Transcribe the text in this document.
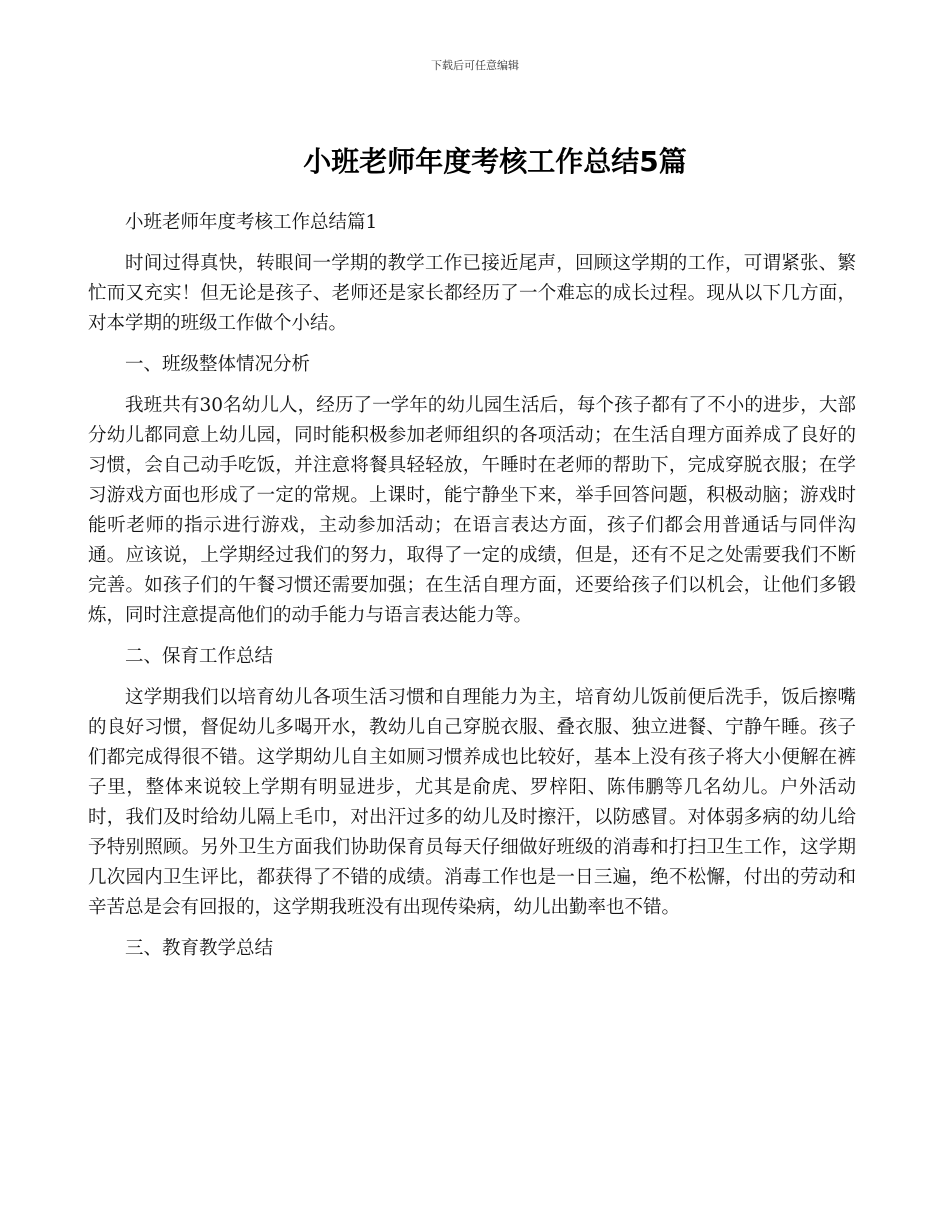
下载后可任意编辑
小班老师年度考核工作总结5篇

小班老师年度考核工作总结篇1

时间过得真快，转眼间一学期的教学工作已接近尾声，回顾这学期的工作，可谓紧张、繁忙而又充实！但无论是孩子、老师还是家长都经历了一个难忘的成长过程。现从以下几方面，对本学期的班级工作做个小结。

一、班级整体情况分析

我班共有30名幼儿人，经历了一学年的幼儿园生活后，每个孩子都有了不小的进步，大部分幼儿都同意上幼儿园，同时能积极参加老师组织的各项活动；在生活自理方面养成了良好的习惯，会自己动手吃饭，并注意将餐具轻轻放，午睡时在老师的帮助下，完成穿脱衣服；在学习游戏方面也形成了一定的常规。上课时，能宁静坐下来，举手回答问题，积极动脑；游戏时能听老师的指示进行游戏，主动参加活动；在语言表达方面，孩子们都会用普通话与同伴沟通。应该说，上学期经过我们的努力，取得了一定的成绩，但是，还有不足之处需要我们不断完善。如孩子们的午餐习惯还需要加强；在生活自理方面，还要给孩子们以机会，让他们多锻炼，同时注意提高他们的动手能力与语言表达能力等。

二、保育工作总结

这学期我们以培育幼儿各项生活习惯和自理能力为主，培育幼儿饭前便后洗手，饭后擦嘴的良好习惯，督促幼儿多喝开水，教幼儿自己穿脱衣服、叠衣服、独立进餐、宁静午睡。孩子们都完成得很不错。这学期幼儿自主如厕习惯养成也比较好，基本上没有孩子将大小便解在裤子里，整体来说较上学期有明显进步，尤其是俞虎、罗梓阳、陈伟鹏等几名幼儿。户外活动时，我们及时给幼儿隔上毛巾，对出汗过多的幼儿及时擦汗，以防感冒。对体弱多病的幼儿给予特别照顾。另外卫生方面我们协助保育员每天仔细做好班级的消毒和打扫卫生工作，这学期几次园内卫生评比，都获得了不错的成绩。消毒工作也是一日三遍，绝不松懈，付出的劳动和辛苦总是会有回报的，这学期我班没有出现传染病，幼儿出勤率也不错。

三、教育教学总结
